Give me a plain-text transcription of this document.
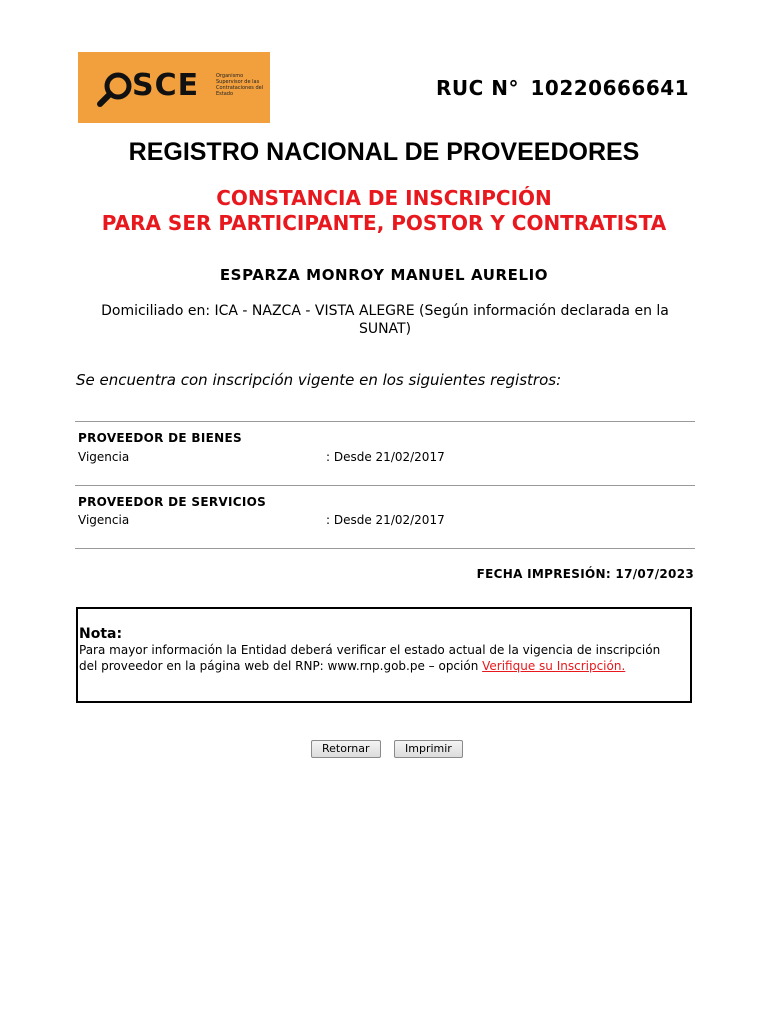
SCE	Organismo Supervisor de las Contrataciones del Estado	RUC N° 10220666641
REGISTRO NACIONAL DE PROVEEDORES
CONSTANCIA DE INSCRIPCIÓN
PARA SER PARTICIPANTE, POSTOR Y CONTRATISTA
ESPARZA MONROY MANUEL AURELIO
Domiciliado en: ICA - NAZCA - VISTA ALEGRE (Según información declarada en la SUNAT)
Se encuentra con inscripción vigente en los siguientes registros:
PROVEEDOR DE BIENES
Vigencia	: Desde 21/02/2017
PROVEEDOR DE SERVICIOS
Vigencia	: Desde 21/02/2017
FECHA IMPRESIÓN: 17/07/2023
Nota:
Para mayor información la Entidad deberá verificar el estado actual de la vigencia de inscripción del proveedor en la página web del RNP: www.rnp.gob.pe – opción Verifique su Inscripción.
Retornar	Imprimir
